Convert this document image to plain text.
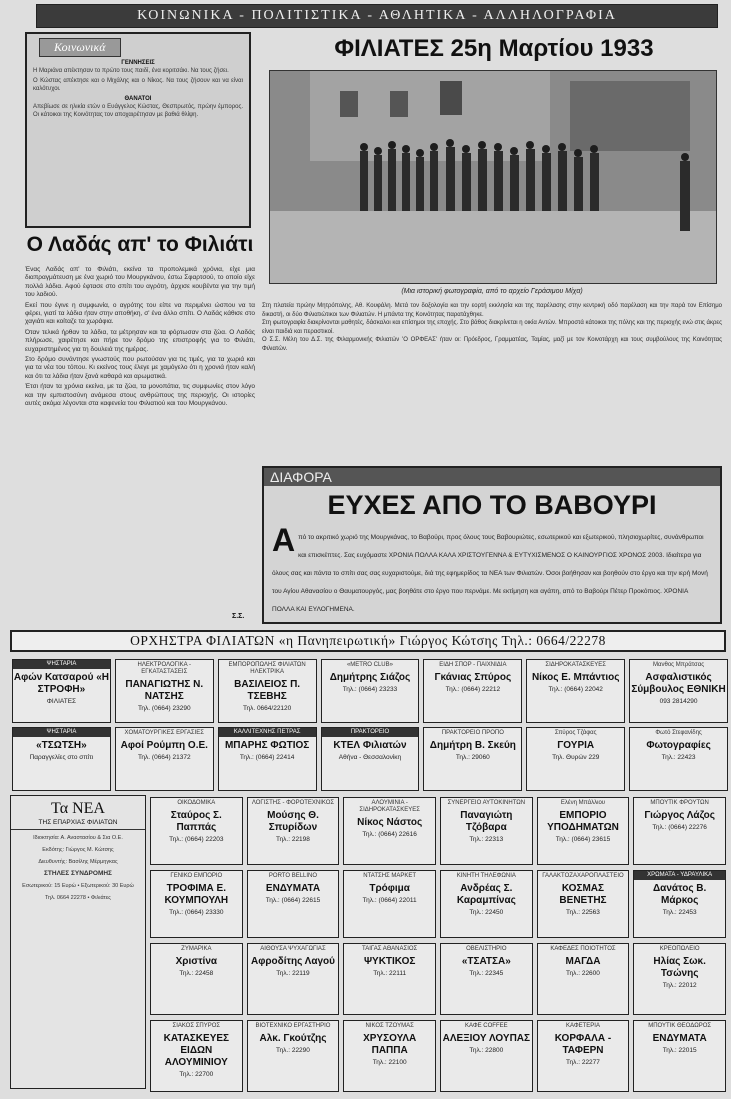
ΚΟΙΝΩΝΙΚΑ - ΠΟΛΙΤΙΣΤΙΚΑ - ΑΘΛΗΤΙΚΑ - ΑΛΛΗΛΟΓΡΑΦΙΑ
Κοινωνικά
ΓΕΝΝΗΣΕΙΣ

Η Μαριάνα απέκτησαν το πρώτο τους παιδί, ένα κοριτσάκι. Να τους ζήσει.

Ο Κώστας απέκτησε και ο Μιχάλης και ο Νίκος. Να τους ζήσουν και να είναι καλότυχοι.

ΘΑΝΑΤΟΙ

Απεβίωσε σε ηλικία ετών ο Ευάγγελος Κώστας, Θεσπρωτός, πρώην έμπορος. Οι κάτοικοι της Κοινότητας τον αποχαιρέτησαν με βαθιά θλίψη.

Ο Λαδάς απ' το Φιλιάτι

Ένας Λαδάς απ' το Φιλιάτι, εκείνα τα προπολεμικά χρόνια, είχε μια διαπραγμάτευση με ένα χωριό του Μουργκάνου, έστω Σφαρτσού, το οποίο είχε πολλά λάδια. Αφού έφτασε στο σπίτι του αγρότη, άρχισε κουβέντα για την τιμή του λαδιού.

Εκεί που έγινε η συμφωνία, ο αγρότης του είπε να περιμένει ώσπου να τα φέρει, γιατί τα λάδια ήταν στην αποθήκη, σ' ένα άλλο σπίτι. Ο Λαδάς κάθισε στο χαγιάτι και κοίταζε τα χωράφια.

Όταν τελικά ήρθαν τα λάδια, τα μέτρησαν και τα φόρτωσαν στα ζώα. Ο Λαδάς πλήρωσε, χαιρέτησε και πήρε τον δρόμο της επιστροφής για το Φιλιάτι, ευχαριστημένος για τη δουλειά της ημέρας.

Στο δρόμο συνάντησε γνωστούς που ρωτούσαν για τις τιμές, για τα χωριά και για τα νέα του τόπου. Κι εκείνος τους έλεγε με χαμόγελο ότι η χρονιά ήταν καλή και ότι τα λάδια ήταν ξανά καθαρά και αρωματικά.

Έτσι ήταν τα χρόνια εκείνα, με τα ζώα, τα μονοπάτια, τις συμφωνίες στον λόγο και την εμπιστοσύνη ανάμεσα στους ανθρώπους της περιοχής. Οι ιστορίες αυτές ακόμα λέγονται στα καφενεία του Φιλιατιού και του Μουργκάνου.

Σ.Σ.
ΦΙΛΙΑΤΕΣ 25η Μαρτίου 1933
(Μια ιστορική φωτογραφία, από το αρχείο Γεράσιμου Μίχα)

Στη πλατεία πρώην Μητρόπολης, Αθ. Κουφάλη. Μετά τον δοξολογία και την εορτή εκκλησία και της παρέλασης στην κεντρική οδό παρέλαση και την παρά τον Επίσημο δικαστή, οι δύο Φιλιατιώτικοι των Φιλιατών. Η μπάντα της Κοινότητας παρατάχθηκε.

Στη φωτογραφία διακρίνονται μαθητές, δάσκαλοι και επίσημοι της εποχής. Στο βάθος διακρίνεται η οικία Αντών. Μπροστά κάτοικοι της πόλης και της περιοχής ενώ στις άκρες είναι παιδιά και περαστικοί.

Ο Σ.Σ. Μέλη του Δ.Σ. της Φιλαρμονικής Φιλιατών 'Ο ΟΡΦΕΑΣ' ήταν οι: Πρόεδρος, Γραμματέας, Ταμίας, μαζί με τον Κοινοτάρχη και τους συμβούλους της Κοινότητας Φιλιατών.

ΔΙΑΦΟΡΑ
ΕΥΧΕΣ ΑΠΟ ΤΟ ΒΑΒΟΥΡΙ
Α πό το ακριτικό χωριό της Μουργκάνας, το Βαβούρι, προς όλους τους Βαβουριώτες, εσωτερικού και εξωτερικού, πλησιοχωρίτες, συνάνθρωποι και επισκέπτες. Σας ευχόμαστε ΧΡΟΝΙΑ ΠΟΛΛΑ ΚΑΛΑ ΧΡΙΣΤΟΥΓΕΝΝΑ & ΕΥΤΥΧΙΣΜΕΝΟΣ Ο ΚΑΙΝΟΥΡΓΙΟΣ ΧΡΟΝΟΣ 2003. Ιδιαίτερα για όλους σας και πάντα το σπίτι σας σας ευχαριστούμε, διά της εφημερίδος τα ΝΕΑ των Φιλιατών. Όσοι βοήθησαν και βοηθούν στο έργο και την ιερή Μονή του Αγίου Αθανασίου ο Θαυματουργός, μας βοηθάτε στο έργο που περνάμε. Με εκτίμηση και αγάπη, από το Βαβούρι Πέτερ Προκόπιος. ΧΡΟΝΙΑ ΠΟΛΛΑ ΚΑΙ ΕΥΛΟΓΗΜΕΝΑ.
ΟΡΧΗΣΤΡΑ ΦΙΛΙΑΤΩΝ «η Πανηπειρωτική» Γιώργος Κώτσης Τηλ.: 0664/22278
ΨΗΣΤΑΡΙΑ
Αφών Κατσαρού «Η ΣΤΡΟΦΗ»
ΦΙΛΙΑΤΕΣ
ΗΛΕΚΤΡΟΛΟΓΙΚΑ - ΕΓΚΑΤΑΣΤΑΣΕΙΣ
ΠΑΝΑΓΙΩΤΗΣ Ν. ΝΑΤΣΗΣ
Τηλ. (0664) 23290
ΕΜΠΟΡΟΠΩΛΗΣ ΦΙΛΙΑΤΩΝ ΗΛΕΚΤΡΙΚΑ
ΒΑΣΙΛΕΙΟΣ Π. ΤΣΕΒΗΣ
Τηλ. 0664/22120
«METRO CLUB»
Δημήτρης Σιάζος
Τηλ.: (0664) 23233
ΕΙΔΗ ΣΠΟΡ - ΠΑΙΧΝΙΔΙΑ
Γκάνιας Σπύρος
Τηλ.: (0664) 22212
ΣΙΔΗΡΟΚΑΤΑΣΚΕΥΕΣ
Νίκος Ε. Μπάντιος
Τηλ.: (0664) 22042
Μανθος Μπράτσας
Ασφαλιστικός Σύμβουλος ΕΘΝΙΚΗ
093 2814290
ΨΗΣΤΑΡΙΑ
«ΤΣΩΤΣΗ»
Παραγγελίες στο σπίτι
ΧΟΜΑΤΟΥΡΓΙΚΕΣ ΕΡΓΑΣΙΕΣ
Αφοί Ρούμπη Ο.Ε.
Τηλ. (0664) 21372
ΚΑΛΛΙΤΕΧΝΗΣ ΠΕΤΡΑΣ
ΜΠΑΡΗΣ ΦΩΤΙΟΣ
Τηλ.: (0664) 22414
ΠΡΑΚΤΟΡΕΙΟ
ΚΤΕΛ Φιλιατών
Αθήνα - Θεσσαλονίκη
ΠΡΑΚΤΟΡΕΙΟ ΠΡΟΠΟ
Δημήτρη Β. Σκεύη
Τηλ.: 29060
Σπύρος Τζάφας
ΓΟΥΡΙΑ
Τηλ. Θυρών 229
Φωτό Στεφανίδης
Φωτογραφίες
Τηλ.: 22423
ΟΙΚΟΔΟΜΙΚΑ
Σταύρος Σ. Παππάς
Τηλ.: (0664) 22203
ΛΟΓΙΣΤΗΣ - ΦΟΡΟΤΕΧΝΙΚΟΣ
Μούσης Θ. Σπυρίδων
Τηλ.: 22198
ΑΛΟΥΜΙΝΙΑ - ΣΙΔΗΡΟΚΑΤΑΣΚΕΥΕΣ
Νίκος Νάστος
Τηλ.: (0664) 22616
ΣΥΝΕΡΓΕΙΟ ΑΥΤΟΚΙΝΗΤΩΝ
Παναγιώτη Τζόβαρα
Τηλ.: 22313
Ελένη Μπάλλιου
ΕΜΠΟΡΙΟ ΥΠΟΔΗΜΑΤΩΝ
Τηλ.: (0664) 23615
ΜΠΟΥΤΙΚ ΦΡΟΥΤΩΝ
Γιώργος Λάζος
Τηλ.: (0664) 22276
ΓΕΝΙΚΟ ΕΜΠΟΡΙΟ
ΤΡΟΦΙΜΑ Ε. ΚΟΥΜΠΟΥΛΗ
Τηλ.: (0664) 23330
PORTO BELLINO
ΕΝΔΥΜΑΤΑ
Τηλ.: (0664) 22615
ΝΤΑΤΣΗΣ ΜΑΡΚΕΤ
Τρόφιμα
Τηλ.: (0664) 22011
ΚΙΝΗΤΗ ΤΗΛΕΦΩΝΙΑ
Ανδρέας Σ. Καραμπίνας
Τηλ.: 22450
ΓΑΛΑΚΤΟΖΑΧΑΡΟΠΛΑΣΤΕΙΟ
ΚΟΣΜΑΣ ΒΕΝΕΤΗΣ
Τηλ.: 22563
ΧΡΩΜΑΤΑ - ΥΔΡΑΥΛΙΚΑ
Δανάτος Β. Μάρκος
Τηλ.: 22453
ΖΥΜΑΡΙΚΑ
Χριστίνα
Τηλ.: 22458
ΑΙΘΟΥΣΑ ΨΥΧΑΓΩΓΙΑΣ
Αφροδίτης Λαγού
Τηλ.: 22119
ΤΑΙΓΑΣ ΑΘΑΝΑΣΙΟΣ
ΨΥΚΤΙΚΟΣ
Τηλ.: 22111
ΟΒΕΛΙΣΤΗΡΙΟ
«ΤΣΑΤΣΑ»
Τηλ.: 22345
ΚΑΦΕΔΕΣ ΠΟΙΟΤΗΤΟΣ
ΜΑΓΔΑ
Τηλ.: 22600
ΚΡΕΟΠΩΛΕΙΟ
Ηλίας Σωκ. Τσώνης
Τηλ.: 22012
ΣΙΑΚΟΣ ΣΠΥΡΟΣ
ΚΑΤΑΣΚΕΥΕΣ ΕΙΔΩΝ ΑΛΟΥΜΙΝΙΟΥ
Τηλ.: 22700
ΒΙΟΤΕΧΝΙΚΟ ΕΡΓΑΣΤΗΡΙΟ
Αλκ. Γκούτζης
Τηλ.: 22290
ΝΙΚΟΣ ΤΖΟΥΜΑΣ
ΧΡΥΣΟΥΛΑ ΠΑΠΠΑ
Τηλ.: 22100
ΚΑΦΕ COFFEE
ΑΛΕΞΙΟΥ ΛΟΥΠΑΣ
Τηλ.: 22800
ΚΑΦΕΤΕΡΙΑ
ΚΟΡΦΑΛΑ - ΤΑΦΕΡΝ
Τηλ.: 22277
ΜΠΟΥΤΙΚ ΘΕΟΔΩΡΟΣ
ΕΝΔΥΜΑΤΑ
Τηλ.: 22015
Τα ΝΕΑ
ΤΗΣ ΕΠΑΡΧΙΑΣ ΦΙΛΙΑΤΩΝ
Ιδιοκτησία: Α. Αναστασίου & Σια Ο.Ε.
Εκδότης: Γιώργος Μ. Κώτσης
Διευθυντής: Βασίλης Μέρμηγκας
ΣΤΗΛΕΣ ΣΥΝΔΡΟΜΗΣ
Εσωτερικού: 15 Ευρώ • Εξωτερικού: 30 Ευρώ
Τηλ. 0664 22278 • Φιλιάτες
